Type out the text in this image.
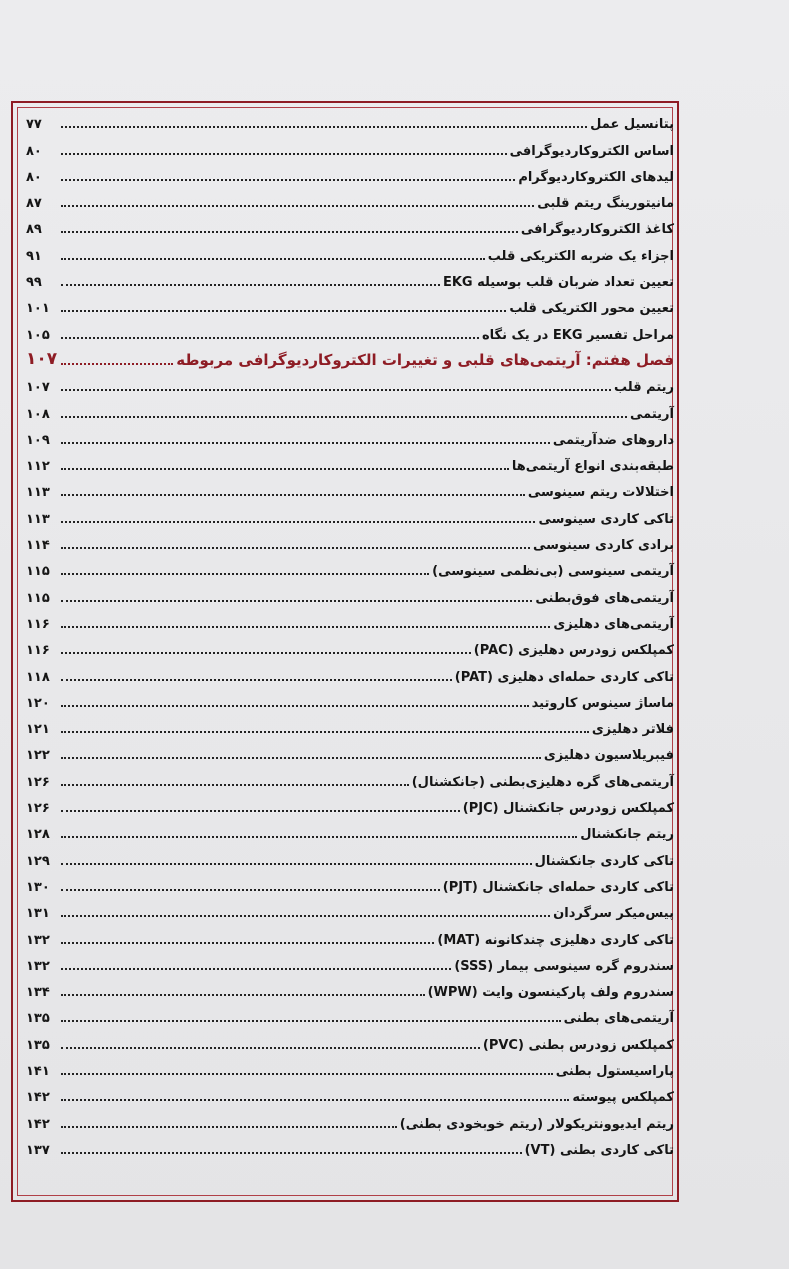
پتانسیل عمل
۷۷
اساس الکتروکاردیوگرافی
۸۰
لیدهای الکتروکاردیوگرام
۸۰
مانیتورینگ ریتم قلبی
۸۷
کاغذ الکتروکاردیوگرافی
۸۹
اجزاء یک ضربه الکتریکی قلب
۹۱
تعیین تعداد ضربان قلب بوسیله EKG
۹۹
تعیین محور الکتریکی قلب
۱۰۱
مراحل تفسیر EKG در یک نگاه
۱۰۵
فصل هفتم: آریتمی‌های قلبی و تغییرات الکتروکاردیوگرافی مربوطه
۱۰۷
ریتم قلب
۱۰۷
آریتمی
۱۰۸
داروهای ضدآریتمی
۱۰۹
طبقه‌بندی انواع آریتمی‌ها
۱۱۲
اختلالات ریتم سینوسی
۱۱۳
تاکی کاردی سینوسی
۱۱۳
برادی کاردی سینوسی
۱۱۴
آریتمی سینوسی (بی‌نظمی سینوسی)
۱۱۵
آریتمی‌های فوق‌بطنی
۱۱۵
آریتمی‌های دهلیزی
۱۱۶
کمپلکس زودرس دهلیزی (PAC)
۱۱۶
تاکی کاردی حمله‌ای دهلیزی (PAT)
۱۱۸
ماساژ سینوس کاروتید
۱۲۰
فلاتر دهلیزی
۱۲۱
فیبریلاسیون دهلیزی
۱۲۲
آریتمی‌های گره دهلیزی‌بطنی (جانکشنال)
۱۲۶
کمپلکس زودرس جانکشنال (PJC)
۱۲۶
ریتم جانکشنال
۱۲۸
تاکی کاردی جانکشنال
۱۲۹
تاکی کاردی حمله‌ای جانکشنال (PJT)
۱۳۰
پیس‌میکر سرگردان
۱۳۱
تاکی کاردی دهلیزی چندکانونه (MAT)
۱۳۲
سندروم گره سینوسی بیمار (SSS)
۱۳۲
سندروم ولف پارکینسون وایت (WPW)
۱۳۴
آریتمی‌های بطنی
۱۳۵
کمپلکس زودرس بطنی (PVC)
۱۳۵
پاراسیستول بطنی
۱۴۱
کمپلکس پیوسته
۱۴۲
ریتم ایدیوونتریکولار (ریتم خوبخودی بطنی)
۱۴۲
تاکی کاردی بطنی (VT)
۱۳۷
